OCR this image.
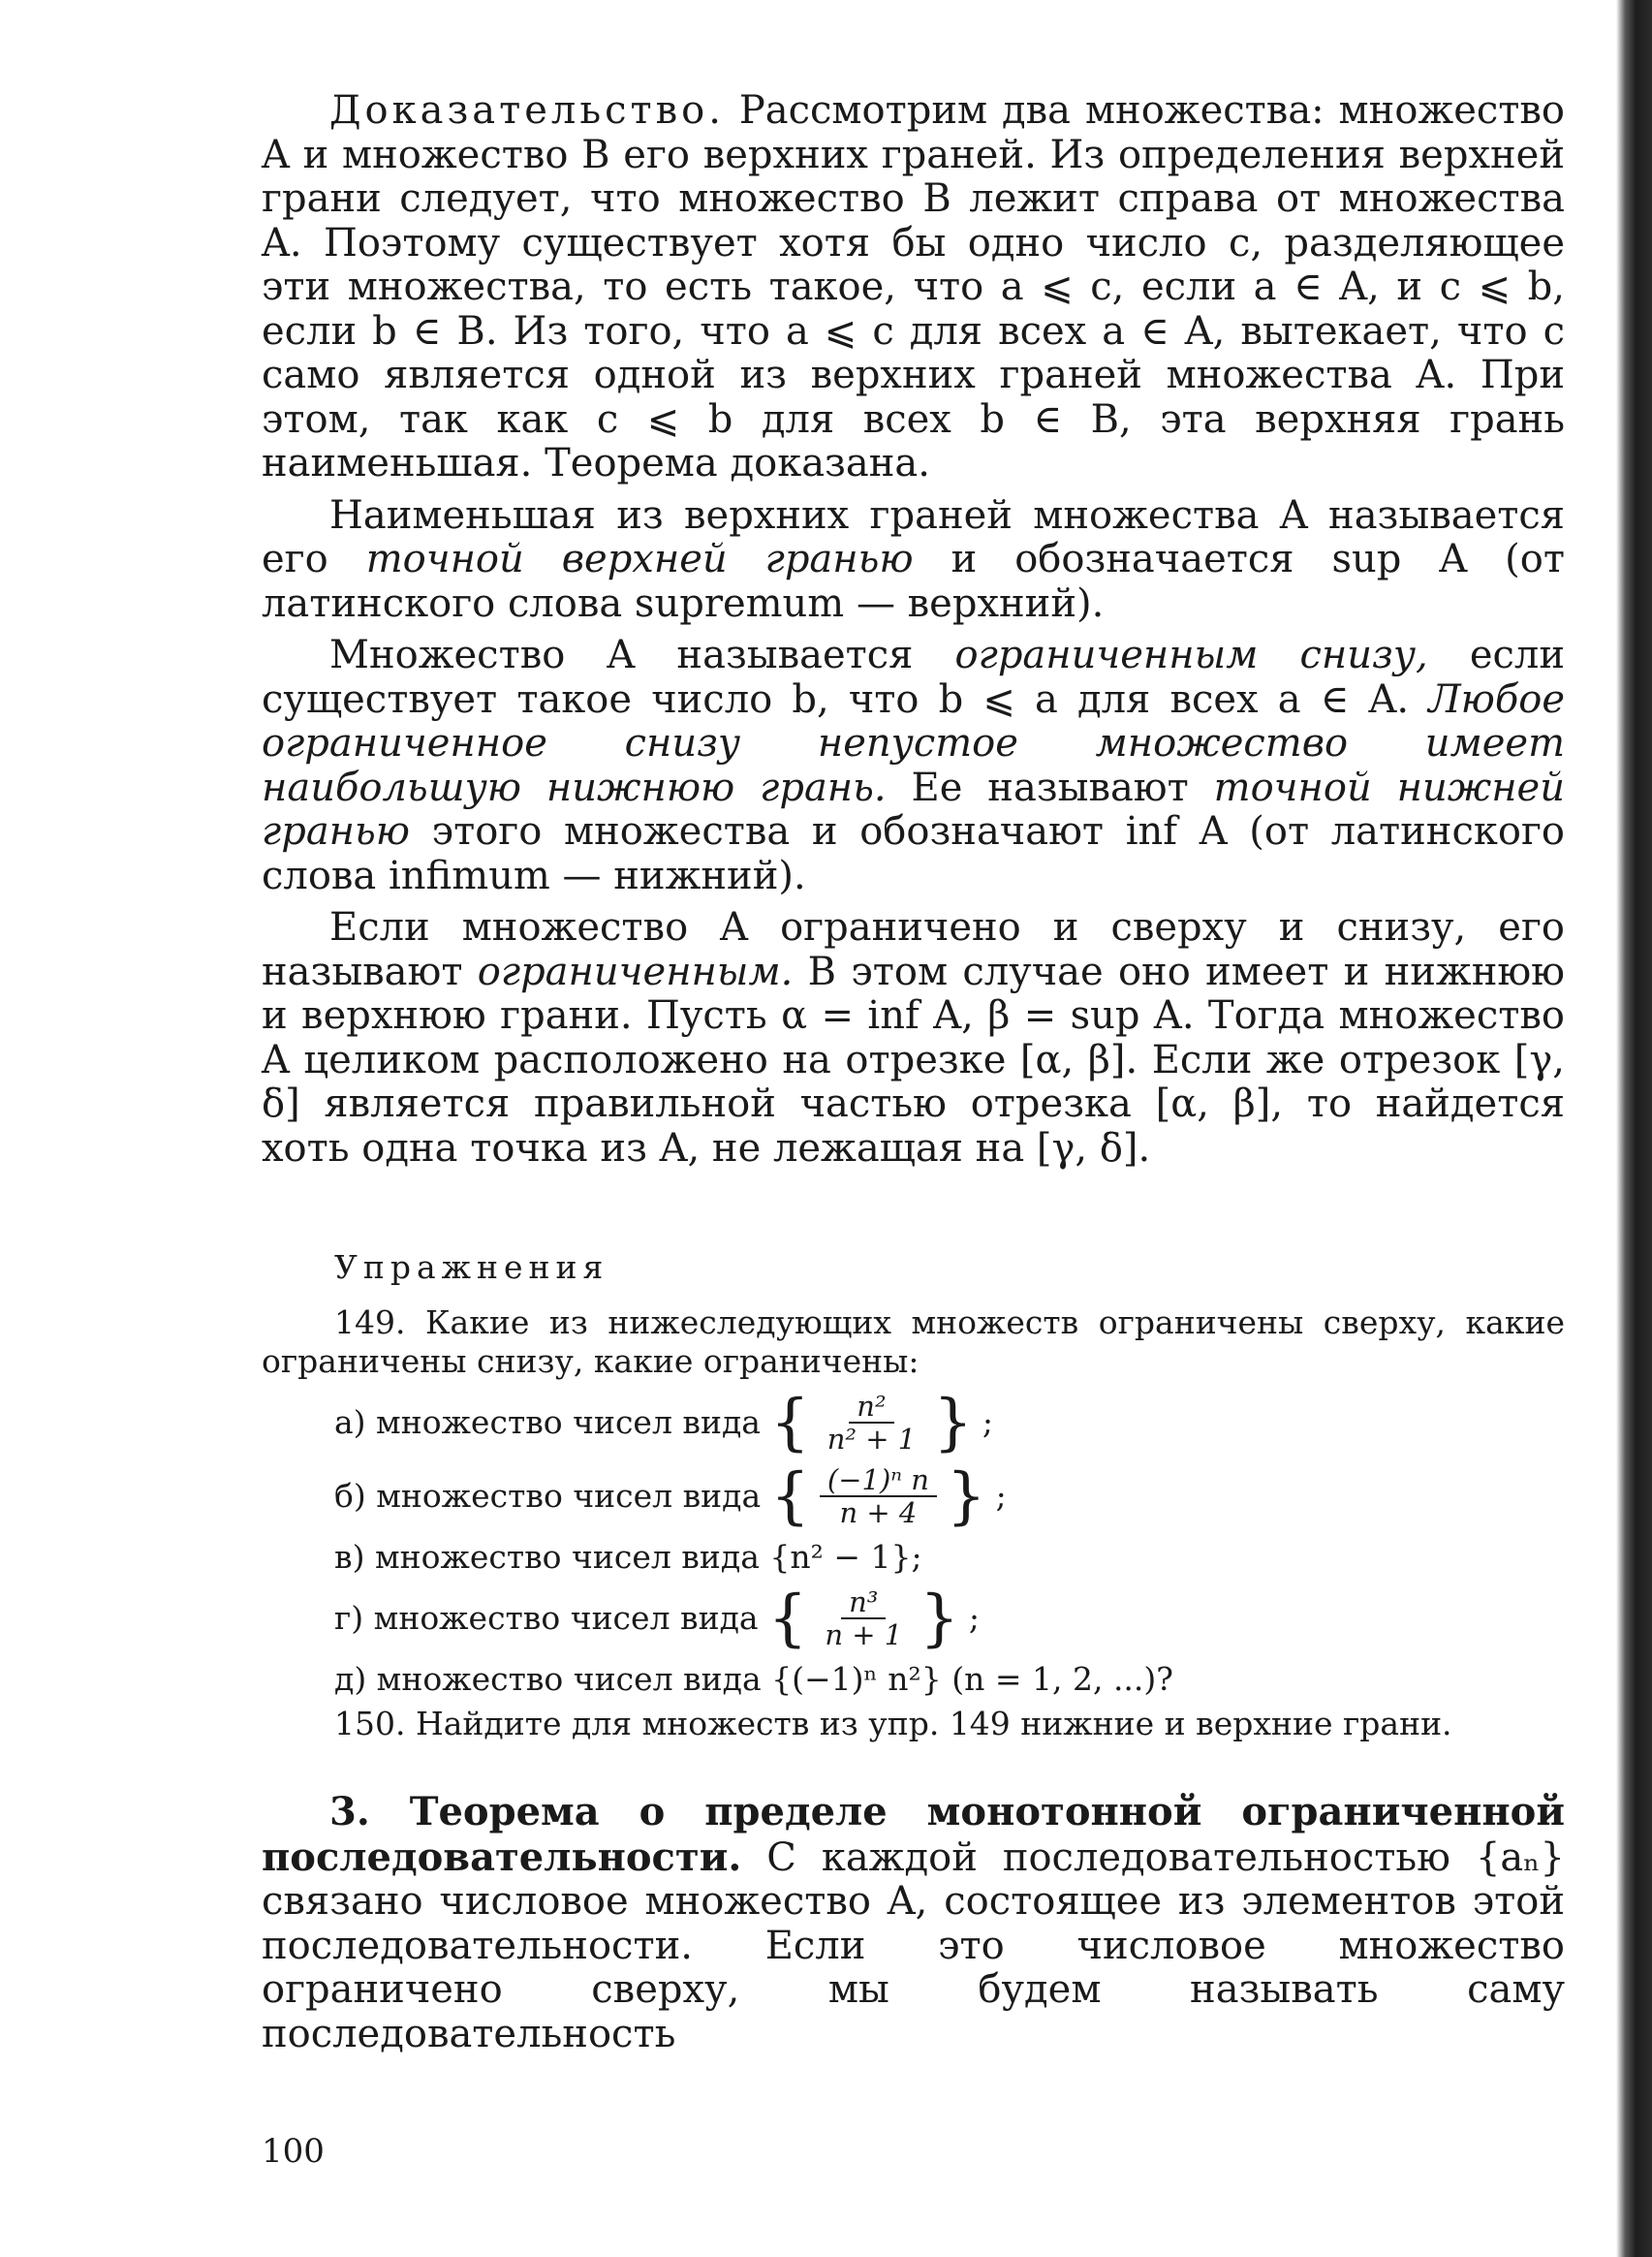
Доказательство. Рассмотрим два множества: множество A и множество B его верхних граней. Из определения верхней грани следует, что множество B лежит справа от множества A. Поэтому существует хотя бы одно число c, разделяющее эти множества, то есть такое, что a ⩽ c, если a ∈ A, и c ⩽ b, если b ∈ B. Из того, что a ⩽ c для всех a ∈ A, вытекает, что c само является одной из верхних граней множества A. При этом, так как c ⩽ b для всех b ∈ B, эта верхняя грань наименьшая. Теорема доказана.

Наименьшая из верхних граней множества A называется его точной верхней гранью и обозначается sup A (от латинского слова supremum — верхний).

Множество A называется ограниченным снизу, если существует такое число b, что b ⩽ a для всех a ∈ A. Любое ограниченное снизу непустое множество имеет наибольшую нижнюю грань. Ее называют точной нижней гранью этого множества и обозначают inf A (от латинского слова infimum — нижний).

Если множество A ограничено и сверху и снизу, его называют ограниченным. В этом случае оно имеет и нижнюю и верхнюю грани. Пусть α = inf A, β = sup A. Тогда множество A целиком расположено на отрезке [α, β]. Если же отрезок [γ, δ] является правильной частью отрезка [α, β], то найдется хоть одна точка из A, не лежащая на [γ, δ].

Упражнения
149. Какие из нижеследующих множеств ограничены сверху, какие ограничены снизу, какие ограничены:
а) множество чисел вида { $\frac{\text{n²}}{\text{n² + 1}}$ } ;
б) множество чисел вида { $\frac{\text{(−1)ⁿ n}}{n + 4}$ } ;
в) множество чисел вида {n² − 1};
г) множество чисел вида { $\frac{\text{n³}}{n + 1}$ } ;
д) множество чисел вида {(−1)ⁿ n²} (n = 1, 2, ...)?
150. Найдите для множеств из упр. 149 нижние и верхние грани.

3. Теорема о пределе монотонной ограниченной последовательности. С каждой последовательностью {aₙ} связано числовое множество A, состоящее из элементов этой последовательности. Если это числовое множество ограничено сверху, мы будем называть саму последовательность

100
